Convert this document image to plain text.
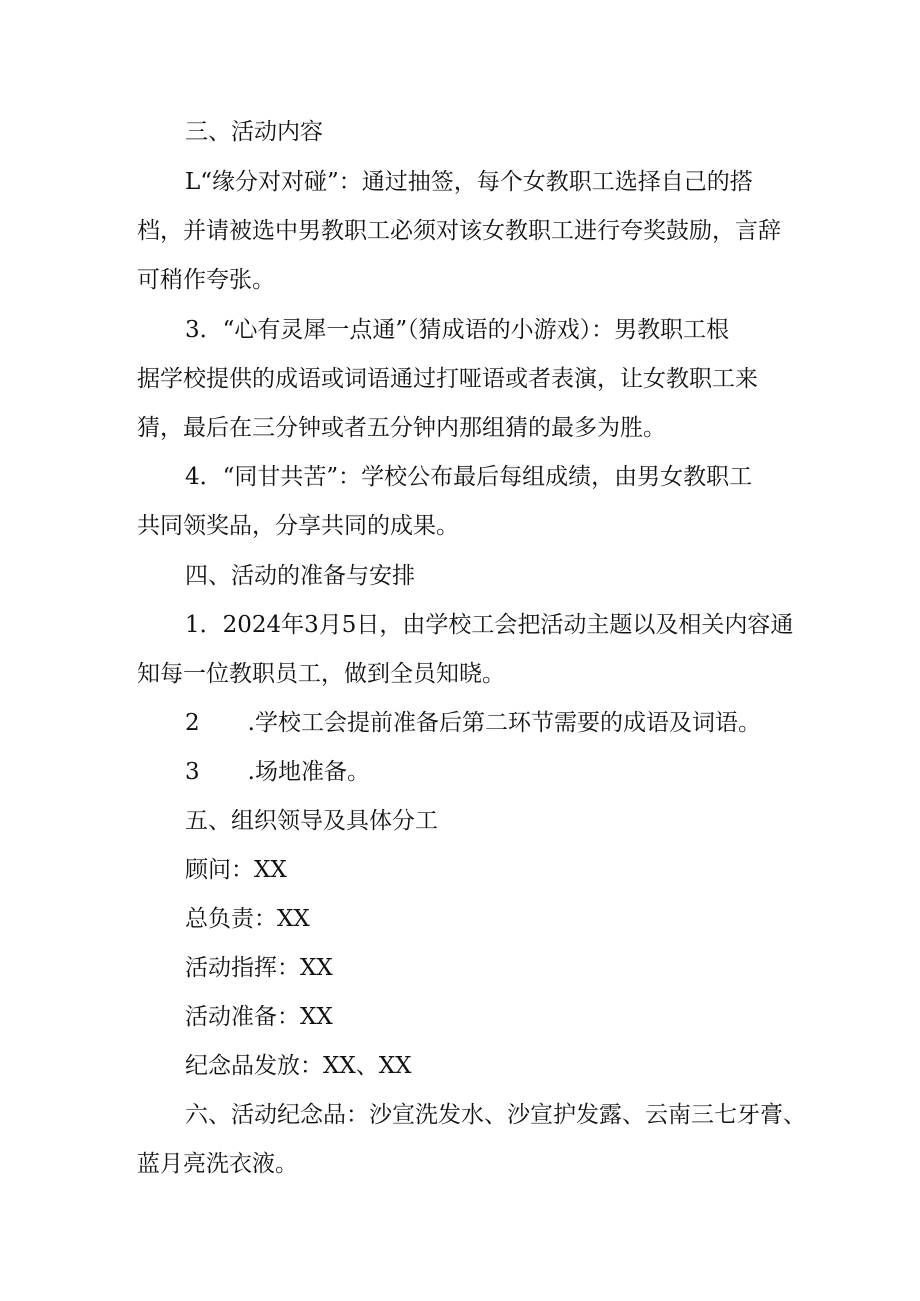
三、活动内容
L“缘分对对碰”：通过抽签，每个女教职工选择自己的搭
档，并请被选中男教职工必须对该女教职工进行夸奖鼓励，言辞
可稍作夸张。
3．“心有灵犀一点通”（猜成语的小游戏）：男教职工根
据学校提供的成语或词语通过打哑语或者表演，让女教职工来
猜，最后在三分钟或者五分钟内那组猜的最多为胜。
4．“同甘共苦”：学校公布最后每组成绩，由男女教职工
共同领奖品，分享共同的成果。
四、活动的准备与安排
1．2024年3月5日，由学校工会把活动主题以及相关内容通
知每一位教职员工，做到全员知晓。
2 .学校工会提前准备后第二环节需要的成语及词语。
3 .场地准备。
五、组织领导及具体分工
顾问：XX
总负责：XX
活动指挥：XX
活动准备：XX
纪念品发放：XX、XX
六、活动纪念品：沙宣洗发水、沙宣护发露、云南三七牙膏、
蓝月亮洗衣液。
